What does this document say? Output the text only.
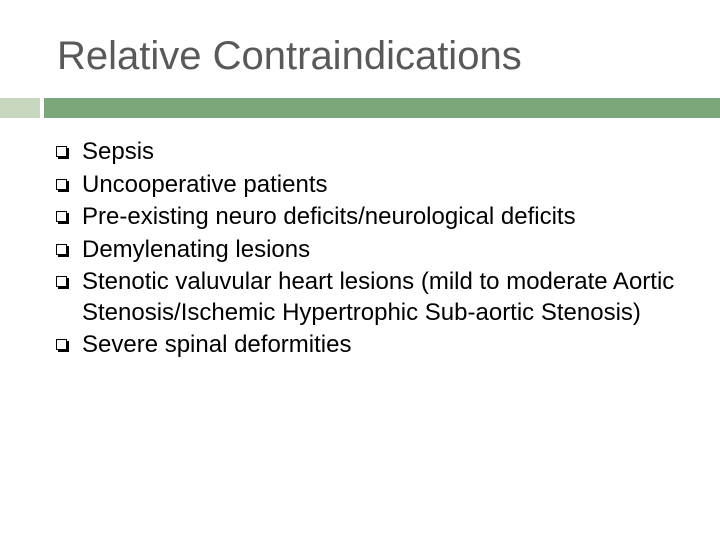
Relative Contraindications
Sepsis
Uncooperative patients
Pre-existing neuro deficits/neurological deficits
Demylenating lesions
Stenotic valuvular heart lesions (mild to moderate Aortic Stenosis/Ischemic Hypertrophic Sub-aortic Stenosis)
Severe spinal deformities
